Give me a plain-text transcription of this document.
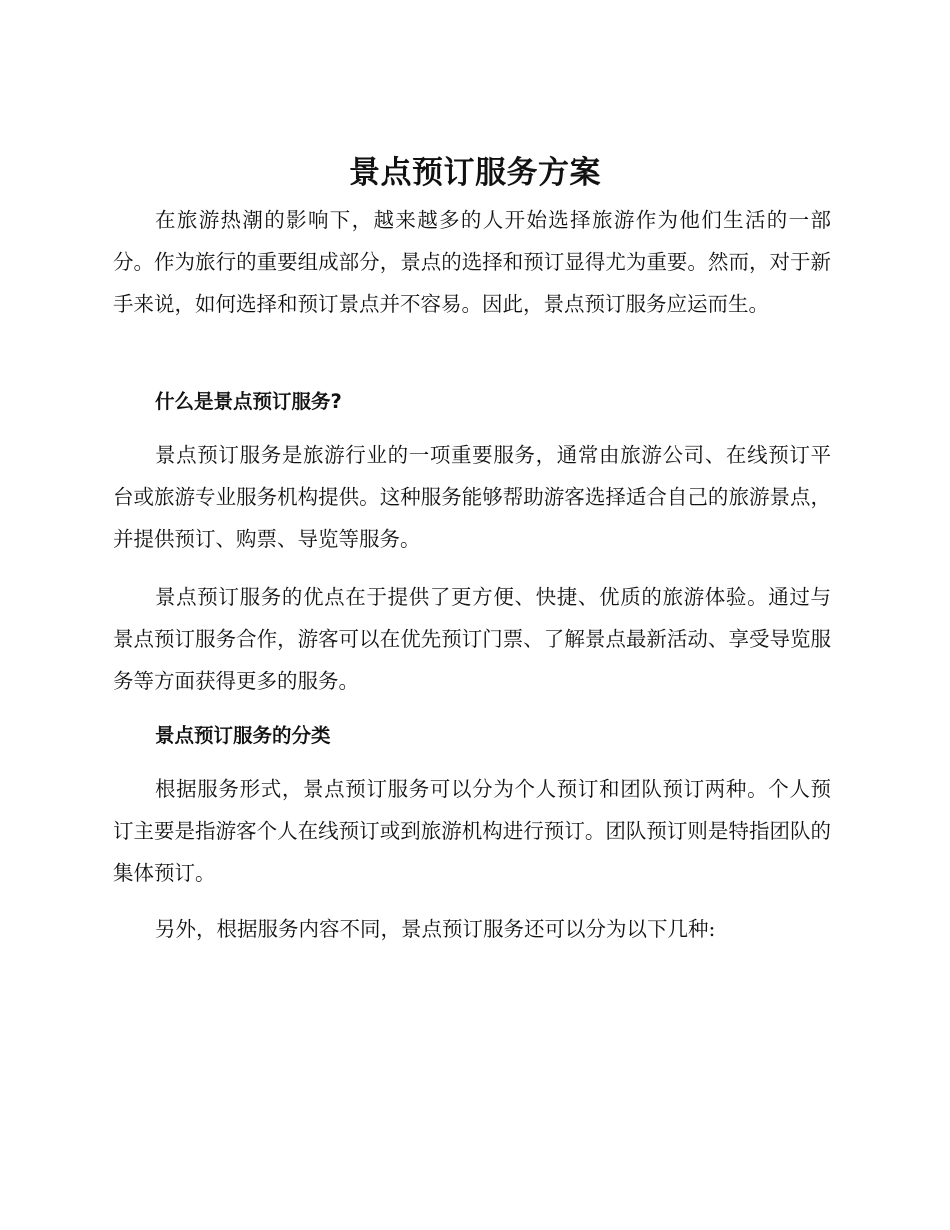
景点预订服务方案

在旅游热潮的影响下，越来越多的人开始选择旅游作为他们生活的一部分。作为旅行的重要组成部分，景点的选择和预订显得尤为重要。然而，对于新手来说，如何选择和预订景点并不容易。因此，景点预订服务应运而生。

什么是景点预订服务?

景点预订服务是旅游行业的一项重要服务，通常由旅游公司、在线预订平台或旅游专业服务机构提供。这种服务能够帮助游客选择适合自己的旅游景点，并提供预订、购票、导览等服务。

景点预订服务的优点在于提供了更方便、快捷、优质的旅游体验。通过与景点预订服务合作，游客可以在优先预订门票、了解景点最新活动、享受导览服务等方面获得更多的服务。

景点预订服务的分类

根据服务形式，景点预订服务可以分为个人预订和团队预订两种。个人预订主要是指游客个人在线预订或到旅游机构进行预订。团队预订则是特指团队的集体预订。

另外，根据服务内容不同，景点预订服务还可以分为以下几种:
